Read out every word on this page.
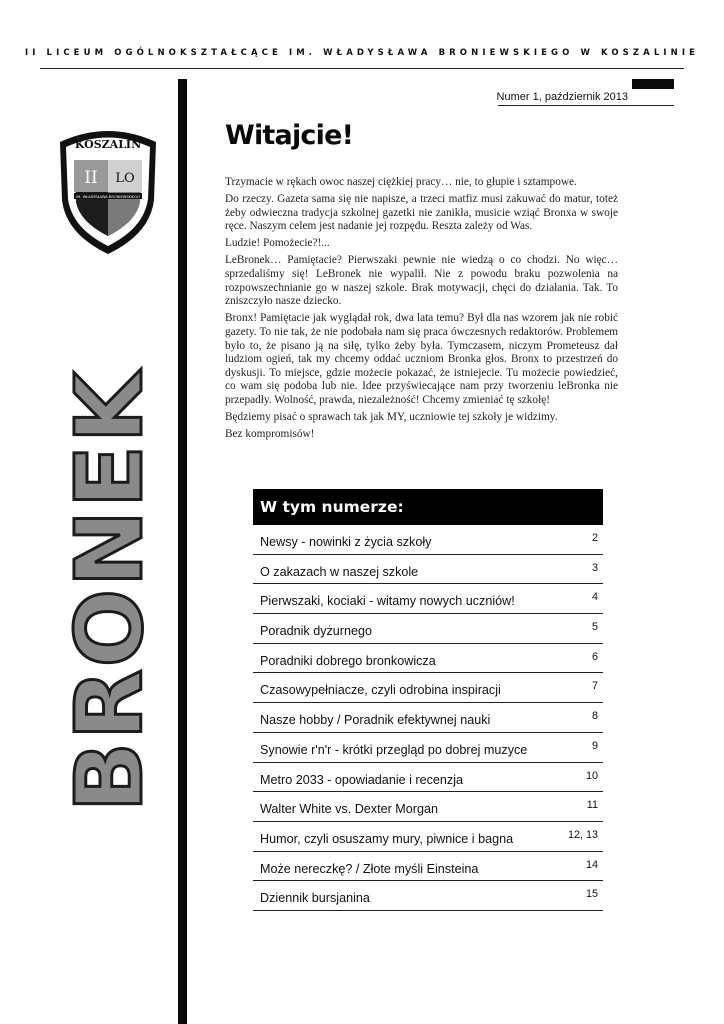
II LICEUM OGÓLNOKSZTAŁCĄCE IM. WŁADYSŁAWA BRONIEWSKIEGO W KOSZALINIE
Numer 1, październik 2013
KOSZALIN
II LO
IM. WŁADYSŁAWA BRONIEWSKIEGO
BRONEK
Witajcie!

Trzymacie w rękach owoc naszej ciężkiej pracy… nie, to głupie i sztampowe.

Do rzeczy. Gazeta sama się nie napisze, a trzeci matfiz musi zakuwać do matur, toteż żeby odwieczna tradycja szkolnej gazetki nie zanikła, musicie wziąć Bronxa w swoje ręce. Naszym celem jest nadanie jej rozpędu. Reszta zależy od Was.

Ludzie! Pomożecie?!...

LeBronek… Pamiętacie? Pierwszaki pewnie nie wiedzą o co chodzi. No więc… sprzedaliśmy się! LeBronek nie wypalił. Nie z powodu braku pozwolenia na rozpowszechnianie go w naszej szkole. Brak motywacji, chęci do działania. Tak. To zniszczyło nasze dziecko.

Bronx! Pamiętacie jak wyglądał rok, dwa lata temu? Był dla nas wzorem jak nie robić gazety. To nie tak, że nie podobała nam się praca ówczesnych redaktorów. Problemem było to, że pisano ją na siłę, tylko żeby była. Tymczasem, niczym Prometeusz dał ludziom ogień, tak my chcemy oddać uczniom Bronka głos. Bronx to przestrzeń do dyskusji. To miejsce, gdzie możecie pokazać, że istniejecie. Tu możecie powiedzieć, co wam się podoba lub nie. Idee przyświecające nam przy tworzeniu leBronka nie przepadły. Wolność, prawda, niezależność! Chcemy zmieniać tę szkołę!

Będziemy pisać o sprawach tak jak MY, uczniowie tej szkoły je widzimy.

Bez kompromisów!

W tym numerze:
Newsy - nowinki z życia szkoły	2
O zakazach w naszej szkole	3
Pierwszaki, kociaki - witamy nowych uczniów!	4
Poradnik dyżurnego	5
Poradniki dobrego bronkowicza	6
Czasowypełniacze, czyli odrobina inspiracji	7
Nasze hobby / Poradnik efektywnej nauki	8
Synowie r'n'r - krótki przegląd po dobrej muzyce	9
Metro 2033 - opowiadanie i recenzja	10
Walter White vs. Dexter Morgan	11
Humor, czyli osuszamy mury, piwnice i bagna	12, 13
Może nereczkę? / Złote myśli Einsteina	14
Dziennik bursjanina	15
